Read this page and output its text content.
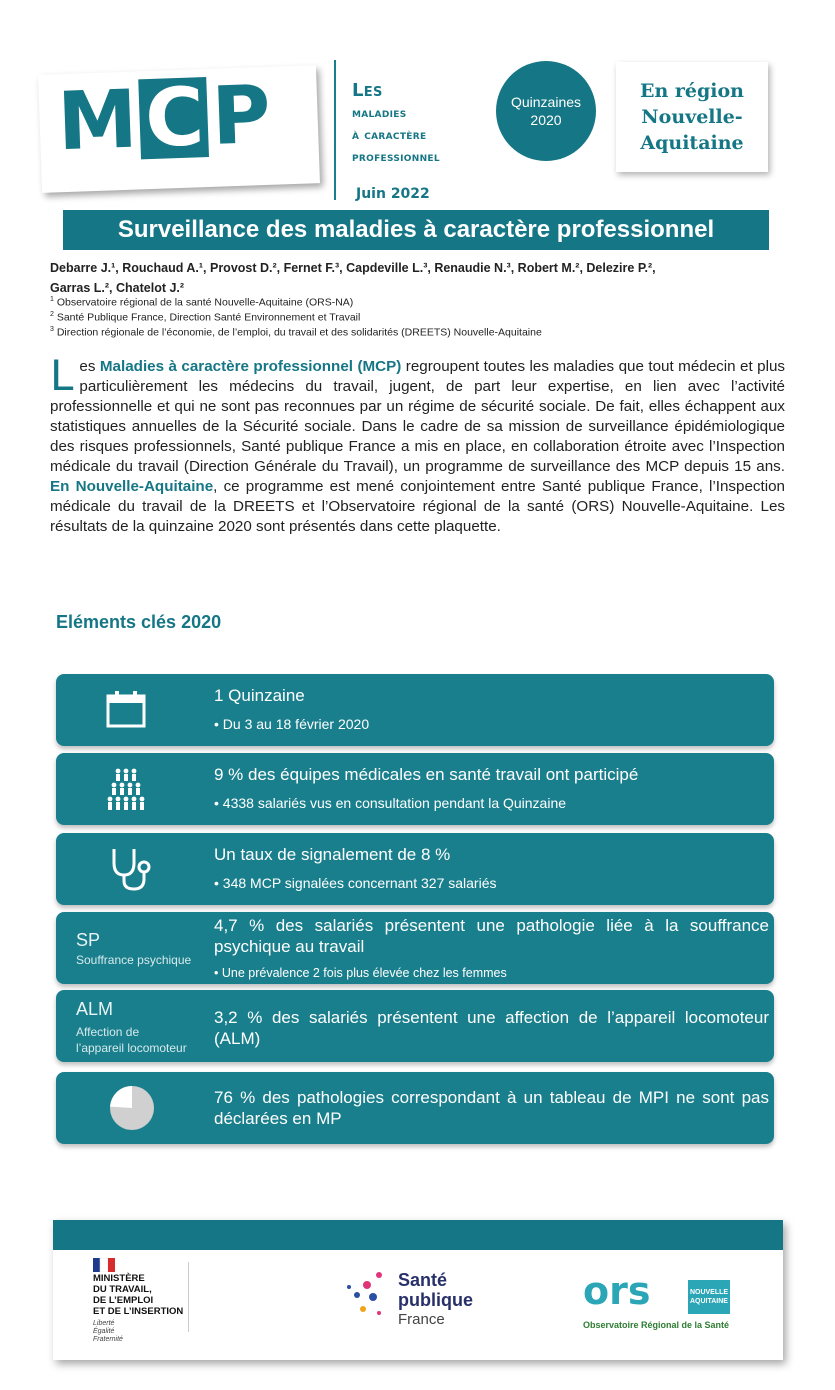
MCP	Les
maladies
à caractère
professionnel
Juin 2022
Quinzaines
2020
En région
Nouvelle-
Aquitaine
Surveillance des maladies à caractère professionnel
Debarre J.¹, Rouchaud A.¹, Provost D.², Fernet F.³, Capdeville L.³, Renaudie N.³, Robert M.², Delezire P.²,
Garras L.², Chatelot J.²
$^1$ Observatoire régional de la santé Nouvelle-Aquitaine (ORS-NA)
$^2$ Santé Publique France, Direction Santé Environnement et Travail
$^3$ Direction régionale de l’économie, de l’emploi, du travail et des solidarités (DREETS) Nouvelle-Aquitaine
Les Maladies à caractère professionnel (MCP) regroupent toutes les maladies que tout médecin et plus particulièrement les médecins du travail, jugent, de part leur expertise, en lien avec l’activité professionnelle et qui ne sont pas reconnues par un régime de sécurité sociale. De fait, elles échappent aux statistiques annuelles de la Sécurité sociale. Dans le cadre de sa mission de surveillance épidémiologique des risques professionnels, Santé publique France a mis en place, en collaboration étroite avec l’Inspection médicale du travail (Direction Générale du Travail), un programme de surveillance des MCP depuis 15 ans. En Nouvelle-Aquitaine, ce programme est mené conjointement entre Santé publique France, l’Inspection médicale du travail de la DREETS et l’Observatoire régional de la santé (ORS) Nouvelle-Aquitaine. Les résultats de la quinzaine 2020 sont présentés dans cette plaquette.
Eléments clés 2020
1 Quinzaine
• Du 3 au 18 février 2020
9 % des équipes médicales en santé travail ont participé
• 4338 salariés vus en consultation pendant la Quinzaine
Un taux de signalement de 8 %
• 348 MCP signalées concernant 327 salariés
SP
Souffrance psychique
4,7 % des salariés présentent une pathologie liée à la souffrance psychique au travail
• Une prévalence 2 fois plus élevée chez les femmes
ALM
Affection de
l’appareil locomoteur
3,2 % des salariés présentent une affection de l’appareil locomoteur (ALM)
76 % des pathologies correspondant à un tableau de MPI ne sont pas déclarées en MP
MINISTÈRE
DU TRAVAIL,
DE L’EMPLOI
ET DE L’INSERTION
Liberté
Égalité
Fraternité
Santé
publique
France
ors	NOUVELLE
AQUITAINE
Observatoire Régional de la Santé
